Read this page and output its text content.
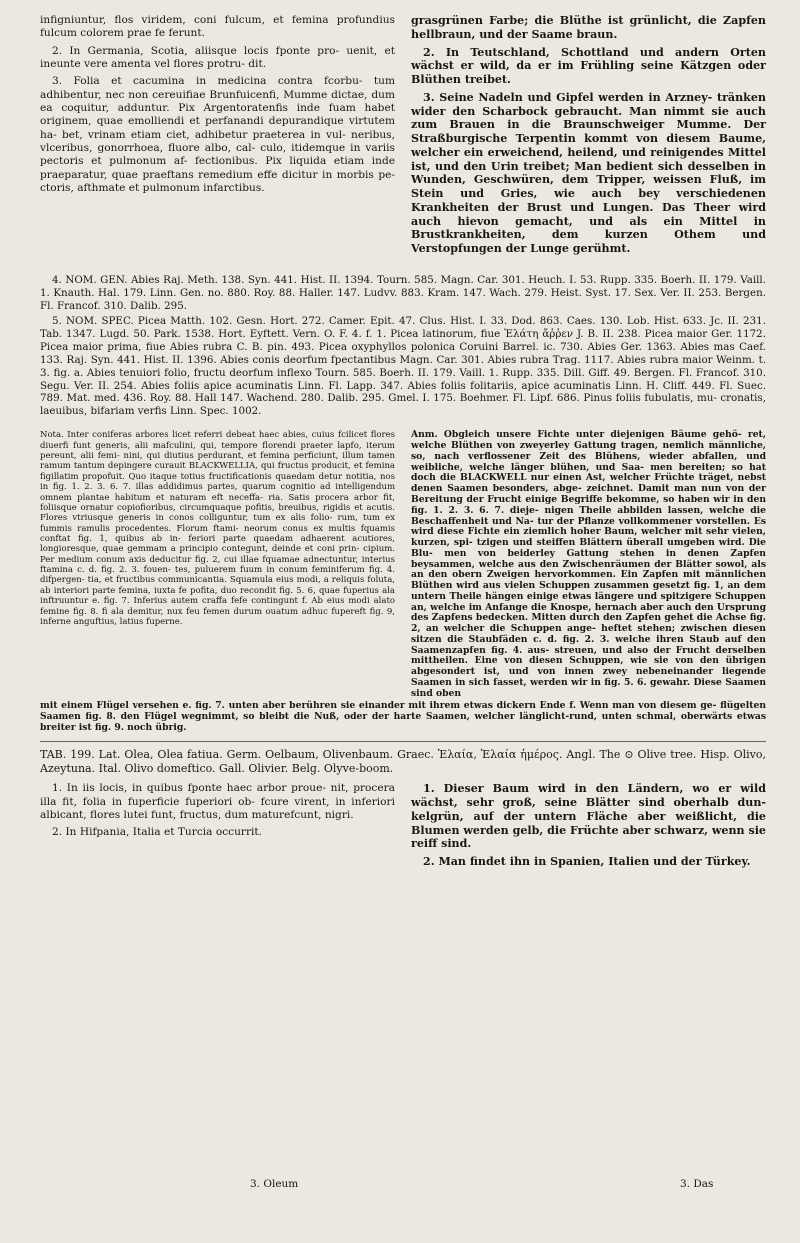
infigniuntur, flos viridem, coni fulcum, et femina profundius fulcum colorem prae fe ferunt.

2. In Germania, Scotia, aliisque locis fponte pro- uenit, et ineunte vere amenta vel flores protru- dit.

3. Folia et cacumina in medicina contra fcorbu- tum adhibentur, nec non cereuifiae Brunfuicenfi, Mumme dictae, dum ea coquitur, adduntur. Pix Argentoratenfis inde fuam habet originem, quae emolliendi et perfanandi depurandique virtutem ha- bet, vrinam etiam ciet, adhibetur praeterea in vul- neribus, vlceribus, gonorrhoea, fluore albo, cal- culo, itidemque in variis pectoris et pulmonum af- fectionibus. Pix liquida etiam inde praeparatur, quae praeftans remedium effe dicitur in morbis pe- ctoris, afthmate et pulmonum infarctibus.

grasgrünen Farbe; die Blüthe ist grünlicht, die Zapfen hellbraun, und der Saame braun.

2. In Teutschland, Schottland und andern Orten wächst er wild, da er im Frühling seine Kätzgen oder Blüthen treibet.

3. Seine Nadeln und Gipfel werden in Arzney- tränken wider den Scharbock gebraucht. Man nimmt sie auch zum Brauen in die Braunschweiger Mumme. Der Straßburgische Terpentin kommt von diesem Baume, welcher ein erweichend, heilend, und reinigendes Mittel ist, und den Urin treibet; Man bedient sich desselben in Wunden, Geschwüren, dem Tripper, weissen Fluß, im Stein und Gries, wie auch bey verschiedenen Krankheiten der Brust und Lungen. Das Theer wird auch hievon gemacht, und als ein Mittel in Brustkrankheiten, dem kurzen Othem und Verstopfungen der Lunge gerühmt.

4. NOM. GEN. Abies Raj. Meth. 138. Syn. 441. Hist. II. 1394. Tourn. 585. Magn. Car. 301. Heuch. I. 53. Rupp. 335. Boerh. II. 179. Vaill. 1. Knauth. Hal. 179. Linn. Gen. no. 880. Roy. 88. Haller. 147. Ludvv. 883. Kram. 147. Wach. 279. Heist. Syst. 17. Sex. Ver. II. 253. Bergen. Fl. Francof. 310. Dalib. 295.

5. NOM. SPEC. Picea Matth. 102. Gesn. Hort. 272. Camer. Epit. 47. Clus. Hist. I. 33. Dod. 863. Caes. 130. Lob. Hist. 633. Jc. II. 231. Tab. 1347. Lugd. 50. Park. 1538. Hort. Eyftett. Vern. O. F. 4. f. 1. Picea latinorum, fiue Ἐλάτη ἄῤῥεν J. B. II. 238. Picea maior Ger. 1172. Picea maior prima, fiue Abies rubra C. B. pin. 493. Picea oxyphyllos polonica Coruini Barrel. ic. 730. Abies Ger. 1363. Abies mas Caef. 133. Raj. Syn. 441. Hist. II. 1396. Abies conis deorfum fpectantibus Magn. Car. 301. Abies rubra Trag. 1117. Abies rubra maior Weinm. t. 3. fig. a. Abies tenuiori folio, fructu deorfum inflexo Tourn. 585. Boerh. II. 179. Vaill. 1. Rupp. 335. Dill. Giff. 49. Bergen. Fl. Francof. 310. Segu. Ver. II. 254. Abies foliis apice acuminatis Linn. Fl. Lapp. 347. Abies foliis folitariis, apice acuminatis Linn. H. Cliff. 449. Fl. Suec. 789. Mat. med. 436. Roy. 88. Hall 147. Wachend. 280. Dalib. 295. Gmel. I. 175. Boehmer. Fl. Lipf. 686. Pinus foliis fubulatis, mu- cronatis, laeuibus, bifariam verfis Linn. Spec. 1002.

Nota. Inter coniferas arbores licet referri debeat haec abies, cuius fcilicet flores diuerfi funt generis, alii mafculini, qui, tempore florendi praeter lapfo, iterum pereunt, alii femi- nini, qui diutius perdurant, et femina perficiunt, illum tamen ramum tantum depingere curauit BLACKWELLIA, qui fructus producit, et femina figillatim propofuit. Quo itaque totius fructificationis quaedam detur notitia, nos in fig. 1. 2. 3. 6. 7. illas addidimus partes, quarum cognitio ad intelligendum omnem plantae habitum et naturam eft neceffa- ria. Satis procera arbor fit, foliisque ornatur copiofioribus, circumquaque pofitis, breuibus, rigidis et acutis. Flores vtriusque generis in conos colliguntur, tum ex alis folio- rum, tum ex fummis ramulis procedentes. Florum ftami- neorum conus ex multis fquamis conftat fig. 1, quibus ab in- feriori parte quaedam adhaerent acutiores, longioresque, quae gemmam a principio contegunt, deinde et coni prin- cipium. Per medium conum axis deducitur fig. 2, cui illae fquamae adnectuntur, interius ftamina c. d. fig. 2. 3. fouen- tes, puluerem fuum in conum feminiferum fig. 4. difpergen- tia, et fructibus communicantia. Squamula eius modi, a reliquis foluta, ab interiori parte femina, iuxta fe pofita, duo recondit fig. 5. 6, quae fuperius ala inftruuntur e. fig. 7. Inferius autem craffa fefe contingunt f. Ab eius modi alato femine fig. 8. fi ala demitur, nux feu femen durum ouatum adhuc fupereft fig. 9, inferne anguftius, latius fuperne.

Anm. Obgleich unsere Fichte unter diejenigen Bäume gehö- ret, welche Blüthen von zweyerley Gattung tragen, nemlich männliche, so, nach verflossener Zeit des Blühens, wieder abfallen, und weibliche, welche länger blühen, und Saa- men bereiten; so hat doch die BLACKWELL nur einen Ast, welcher Früchte träget, nebst denen Saamen besonders, abge- zeichnet. Damit man nun von der Bereitung der Frucht einige Begriffe bekomme, so haben wir in den fig. 1. 2. 3. 6. 7. dieje- nigen Theile abbilden lassen, welche die Beschaffenheit und Na- tur der Pflanze vollkommener vorstellen. Es wird diese Fichte ein ziemlich hoher Baum, welcher mit sehr vielen, kurzen, spi- tzigen und steiffen Blättern überall umgeben wird. Die Blu- men von beiderley Gattung stehen in denen Zapfen beysammen, welche aus den Zwischenräumen der Blätter sowol, als an den obern Zweigen hervorkommen. Ein Zapfen mit männlichen Blüthen wird aus vielen Schuppen zusammen gesetzt fig. 1, an dem untern Theile hängen einige etwas längere und spitzigere Schuppen an, welche im Anfange die Knospe, hernach aber auch den Ursprung des Zapfens bedecken. Mitten durch den Zapfen gehet die Achse fig. 2, an welcher die Schuppen ange- heftet stehen; zwischen diesen sitzen die Staubfäden c. d. fig. 2. 3. welche ihren Staub auf den Saamenzapfen fig. 4. aus- streuen, und also der Frucht derselben mittheilen. Eine von diesen Schuppen, wie sie von den übrigen abgesondert ist, und von innen zwey nebeneinander liegende Saamen in sich fasset, werden wir in fig. 5. 6. gewahr. Diese Saamen sind oben

mit einem Flügel versehen e. fig. 7. unten aber berühren sie einander mit ihrem etwas dickern Ende f. Wenn man von diesem ge- flügelten Saamen fig. 8. den Flügel wegnimmt, so bleibt die Nuß, oder der harte Saamen, welcher länglicht-rund, unten schmal, oberwärts etwas breiter ist fig. 9. noch übrig.

TAB. 199. Lat. Olea, Olea fatiua. Germ. Oelbaum, Olivenbaum. Graec. Ἐλαία, Ἐλαία ἡμέρος. Angl. The ⊙ Olive tree. Hisp. Olivo, Azeytuna. Ital. Olivo domeftico. Gall. Olivier. Belg. Olyve-boom.

1. In iis locis, in quibus fponte haec arbor proue- nit, procera illa fit, folia in fuperficie fuperiori ob- fcure virent, in inferiori albicant, flores lutei funt, fructus, dum maturefcunt, nigri.

2. In Hifpania, Italia et Turcia occurrit.

1. Dieser Baum wird in den Ländern, wo er wild wächst, sehr groß, seine Blätter sind oberhalb dun- kelgrün, auf der untern Fläche aber weißlicht, die Blumen werden gelb, die Früchte aber schwarz, wenn sie reiff sind.

2. Man findet ihn in Spanien, Italien und der Türkey.

3. Oleum	3. Das
